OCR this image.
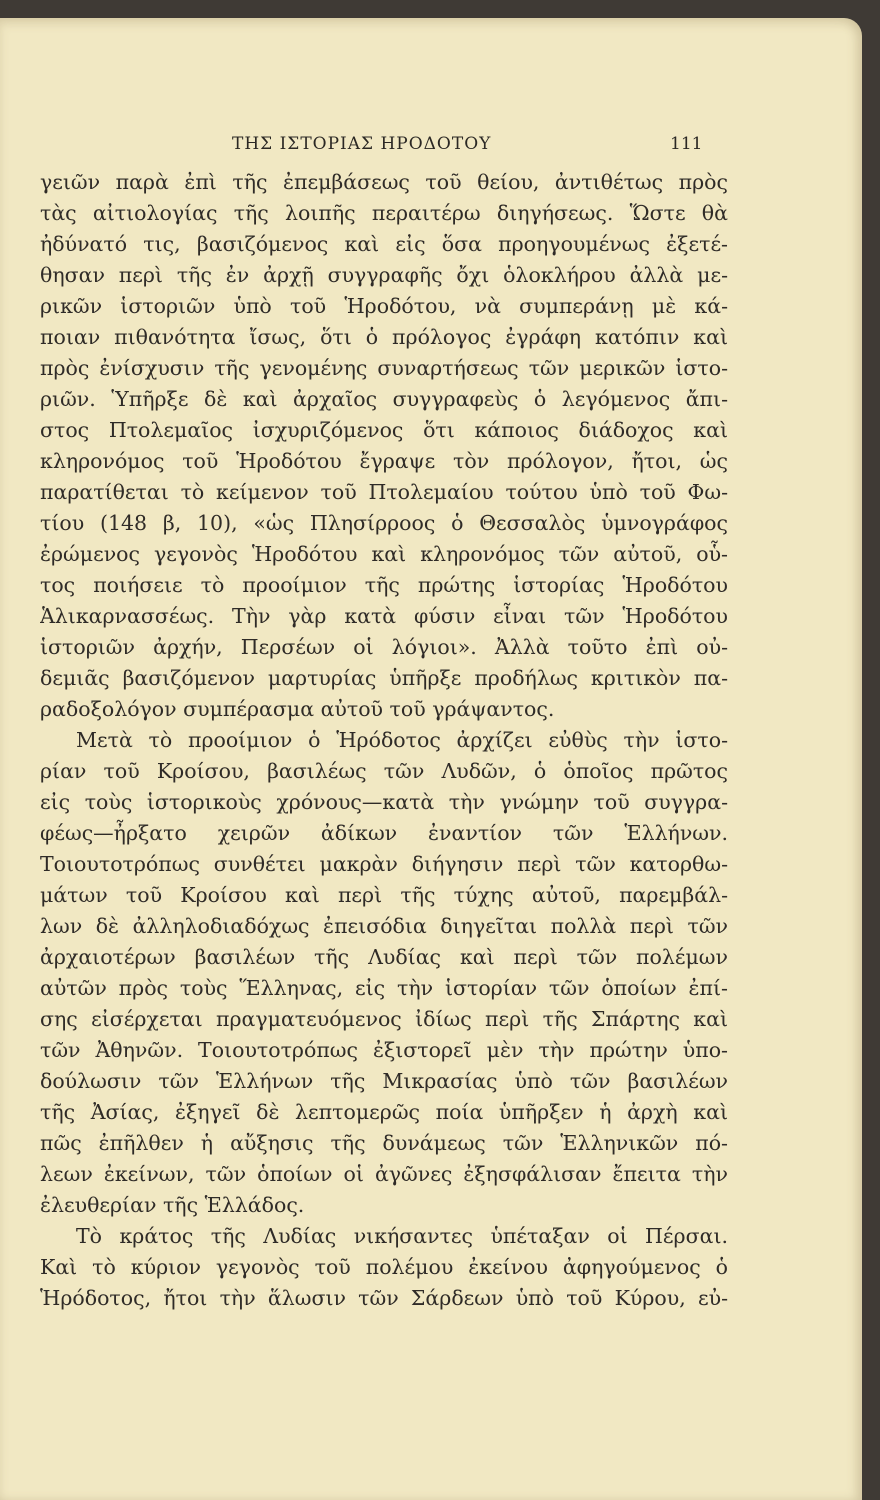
ΤΗΣ ΙΣΤΟΡΙΑΣ ΗΡΟΔΟΤΟΥ	111
γειῶν παρὰ ἐπὶ τῆς ἐπεμβάσεως τοῦ θείου, ἀντιθέτως πρὸς
τὰς αἰτιολογίας τῆς λοιπῆς περαιτέρω διηγήσεως. Ὥστε θὰ
ἠδύνατό τις, βασιζόμενος καὶ εἰς ὅσα προηγουμένως ἐξετέ-
θησαν περὶ τῆς ἐν ἀρχῇ συγγραφῆς ὄχι ὁλοκλήρου ἀλλὰ με-
ρικῶν ἱστοριῶν ὑπὸ τοῦ Ἡροδότου, νὰ συμπεράνῃ μὲ κά-
ποιαν πιθανότητα ἴσως, ὅτι ὁ πρόλογος ἐγράφη κατόπιν καὶ
πρὸς ἐνίσχυσιν τῆς γενομένης συναρτήσεως τῶν μερικῶν ἱστο-
ριῶν. Ὑπῆρξε δὲ καὶ ἀρχαῖος συγγραφεὺς ὁ λεγόμενος ἄπι-
στος Πτολεμαῖος ἰσχυριζόμενος ὅτι κάποιος διάδοχος καὶ
κληρονόμος τοῦ Ἡροδότου ἔγραψε τὸν πρόλογον, ἤτοι, ὡς
παρατίθεται τὸ κείμενον τοῦ Πτολεμαίου τούτου ὑπὸ τοῦ Φω-
τίου (148 β, 10), «ὡς Πλησίρροος ὁ Θεσσαλὸς ὑμνογράφος
ἐρώμενος γεγονὸς Ἡροδότου καὶ κληρονόμος τῶν αὐτοῦ, οὗ-
τος ποιήσειε τὸ προοίμιον τῆς πρώτης ἱστορίας Ἡροδότου
Ἁλικαρνασσέως. Τὴν γὰρ κατὰ φύσιν εἶναι τῶν Ἡροδότου
ἱστοριῶν ἀρχήν, Περσέων οἱ λόγιοι». Ἀλλὰ τοῦτο ἐπὶ οὐ-
δεμιᾶς βασιζόμενον μαρτυρίας ὑπῆρξε προδήλως κριτικὸν πα-
ραδοξολόγον συμπέρασμα αὐτοῦ τοῦ γράψαντος.
Μετὰ τὸ προοίμιον ὁ Ἡρόδοτος ἀρχίζει εὐθὺς τὴν ἱστο-
ρίαν τοῦ Κροίσου, βασιλέως τῶν Λυδῶν, ὁ ὁποῖος πρῶτος
εἰς τοὺς ἱστορικοὺς χρόνους—κατὰ τὴν γνώμην τοῦ συγγρα-
φέως—ἦρξατο χειρῶν ἀδίκων ἐναντίον τῶν Ἑλλήνων.
Τοιουτοτρόπως συνθέτει μακρὰν διήγησιν περὶ τῶν κατορθω-
μάτων τοῦ Κροίσου καὶ περὶ τῆς τύχης αὐτοῦ, παρεμβάλ-
λων δὲ ἀλληλοδιαδόχως ἐπεισόδια διηγεῖται πολλὰ περὶ τῶν
ἀρχαιοτέρων βασιλέων τῆς Λυδίας καὶ περὶ τῶν πολέμων
αὐτῶν πρὸς τοὺς Ἕλληνας, εἰς τὴν ἱστορίαν τῶν ὁποίων ἐπί-
σης εἰσέρχεται πραγματευόμενος ἰδίως περὶ τῆς Σπάρτης καὶ
τῶν Ἀθηνῶν. Τοιουτοτρόπως ἐξιστορεῖ μὲν τὴν πρώτην ὑπο-
δούλωσιν τῶν Ἑλλήνων τῆς Μικρασίας ὑπὸ τῶν βασιλέων
τῆς Ἀσίας, ἐξηγεῖ δὲ λεπτομερῶς ποία ὑπῆρξεν ἡ ἀρχὴ καὶ
πῶς ἐπῆλθεν ἡ αὔξησις τῆς δυνάμεως τῶν Ἑλληνικῶν πό-
λεων ἐκείνων, τῶν ὁποίων οἱ ἀγῶνες ἐξησφάλισαν ἔπειτα τὴν
ἐλευθερίαν τῆς Ἑλλάδος.
Τὸ κράτος τῆς Λυδίας νικήσαντες ὑπέταξαν οἱ Πέρσαι.
Καὶ τὸ κύριον γεγονὸς τοῦ πολέμου ἐκείνου ἀφηγούμενος ὁ
Ἡρόδοτος, ἤτοι τὴν ἅλωσιν τῶν Σάρδεων ὑπὸ τοῦ Κύρου, εὐ-
